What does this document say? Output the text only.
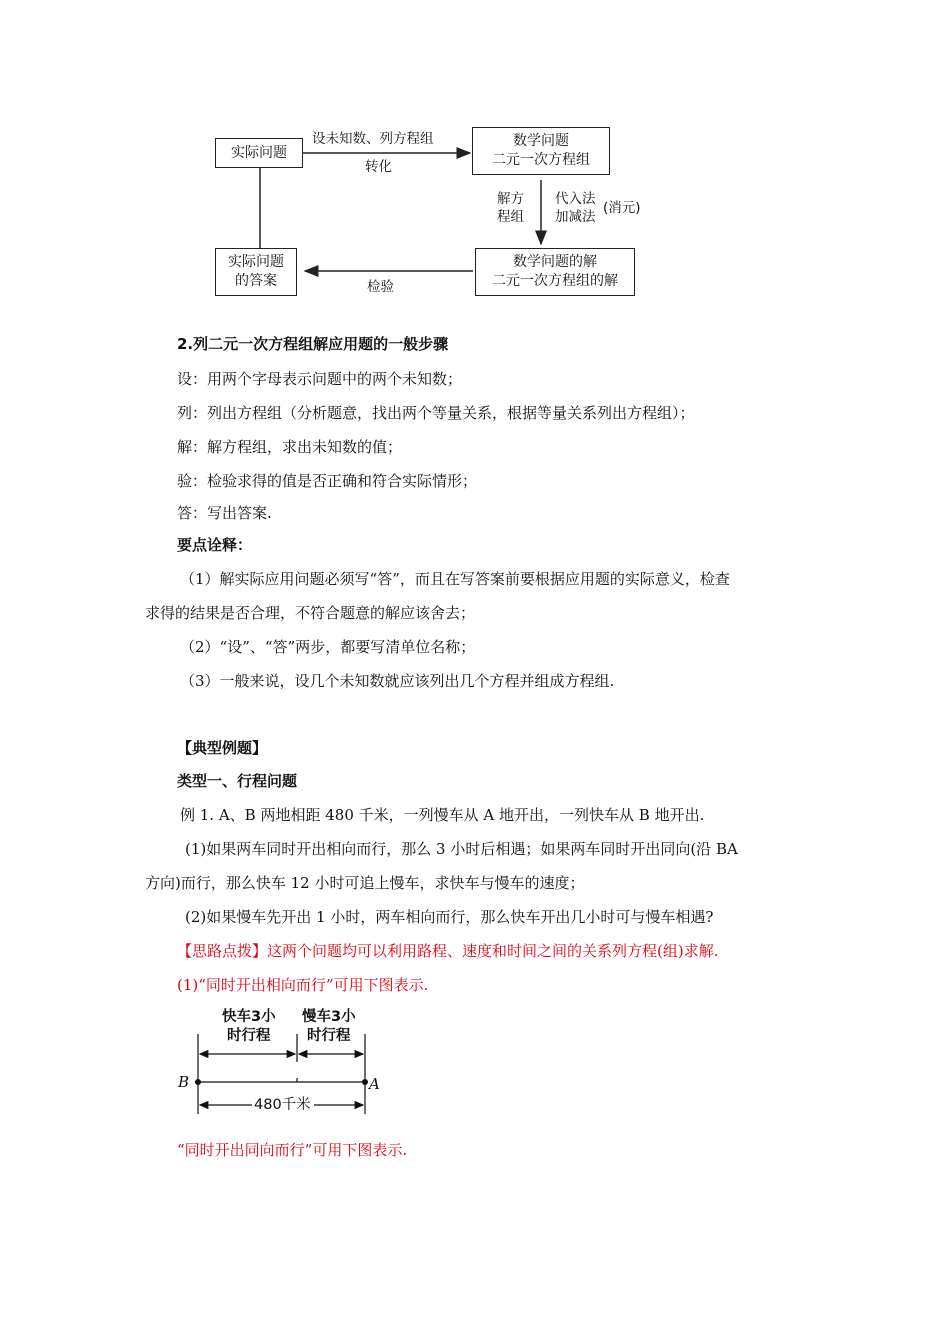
实际问题
数学问题
二元一次方程组
实际问题
的答案
数学问题的解
二元一次方程组的解
设未知数、列方程组
转化
解方
程组
代入法
加减法
(消元)
检验
2.列二元一次方程组解应用题的一般步骤
设：用两个字母表示问题中的两个未知数；
列：列出方程组（分析题意，找出两个等量关系，根据等量关系列出方程组）；
解：解方程组，求出未知数的值；
验：检验求得的值是否正确和符合实际情形；
答：写出答案.
要点诠释：
（1）解实际应用问题必须写“答”，而且在写答案前要根据应用题的实际意义，检查
求得的结果是否合理，不符合题意的解应该舍去；
（2）“设”、“答”两步，都要写清单位名称；
（3）一般来说，设几个未知数就应该列出几个方程并组成方程组.
【典型例题】
类型一、行程问题
例 1. A、B 两地相距 480 千米，一列慢车从 A 地开出，一列快车从 B 地开出.
(1)如果两车同时开出相向而行，那么 3 小时后相遇；如果两车同时开出同向(沿 BA
方向)而行，那么快车 12 小时可追上慢车，求快车与慢车的速度；
(2)如果慢车先开出 1 小时，两车相向而行，那么快车开出几小时可与慢车相遇?
【思路点拨】这两个问题均可以利用路程、速度和时间之间的关系列方程(组)求解.
(1)“同时开出相向而行”可用下图表示.
快车3小
时行程
慢车3小
时行程
B	A
480千米
“同时开出同向而行”可用下图表示.
